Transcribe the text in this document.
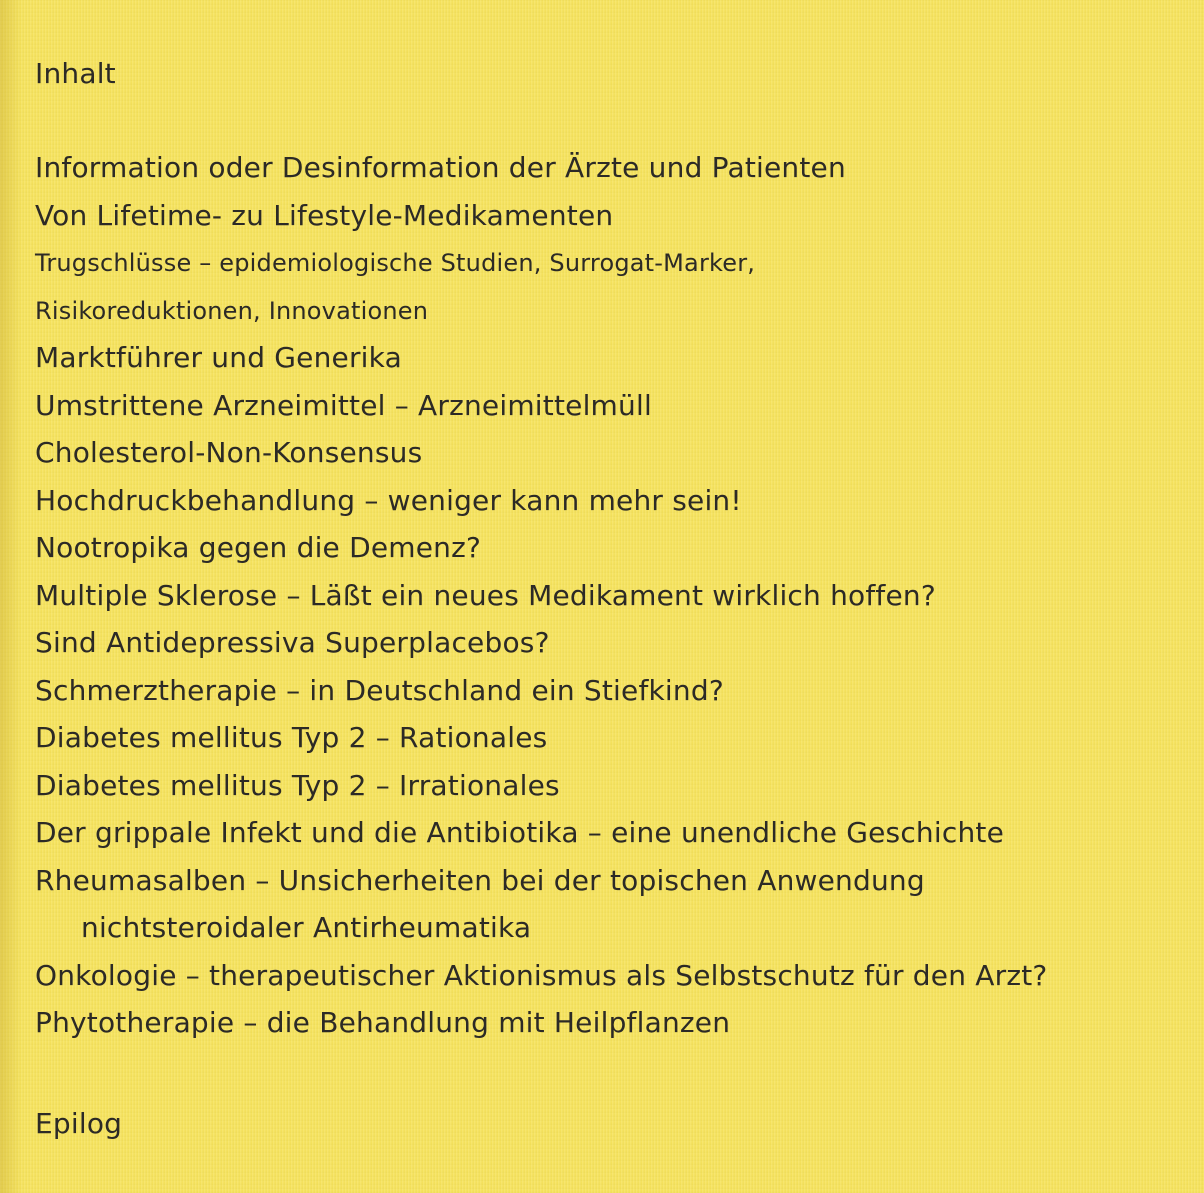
Inhalt
Information oder Desinformation der Ärzte und Patienten
Von Lifetime- zu Lifestyle-Medikamenten
Trugschlüsse – epidemiologische Studien, Surrogat-Marker,
Risikoreduktionen, Innovationen
Marktführer und Generika
Umstrittene Arzneimittel – Arzneimittelmüll
Cholesterol-Non-Konsensus
Hochdruckbehandlung – weniger kann mehr sein!
Nootropika gegen die Demenz?
Multiple Sklerose – Läßt ein neues Medikament wirklich hoffen?
Sind Antidepressiva Superplacebos?
Schmerztherapie – in Deutschland ein Stiefkind?
Diabetes mellitus Typ 2 – Rationales
Diabetes mellitus Typ 2 – Irrationales
Der grippale Infekt und die Antibiotika – eine unendliche Geschichte
Rheumasalben – Unsicherheiten bei der topischen Anwendung
nichtsteroidaler Antirheumatika
Onkologie – therapeutischer Aktionismus als Selbstschutz für den Arzt?
Phytotherapie – die Behandlung mit Heilpflanzen
Epilog
